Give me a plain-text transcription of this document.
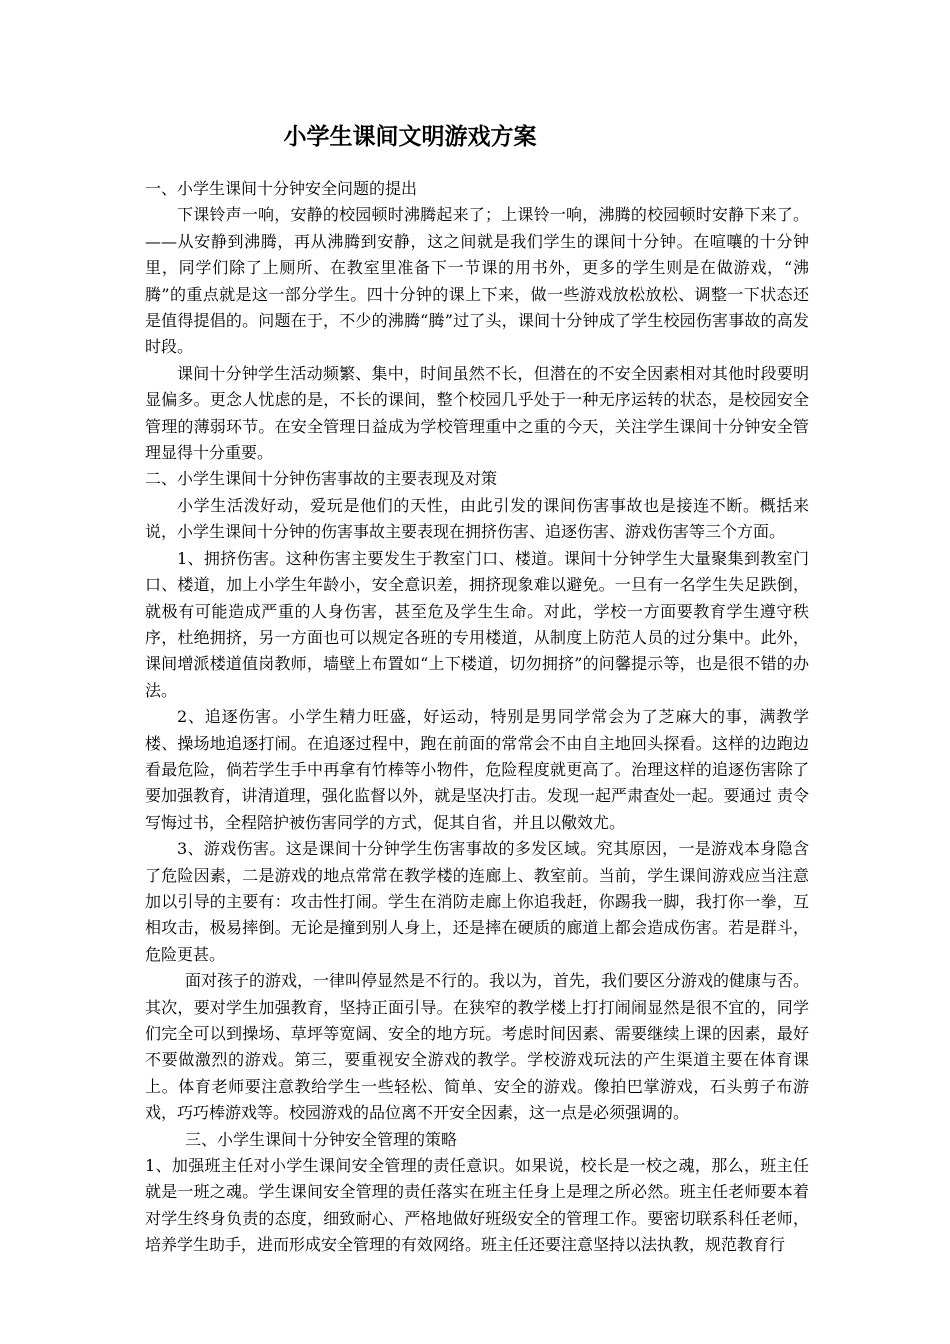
小学生课间文明游戏方案

一、小学生课间十分钟安全问题的提出

下课铃声一响，安静的校园顿时沸腾起来了；上课铃一响，沸腾的校园顿时安静下来了。——从安静到沸腾，再从沸腾到安静，这之间就是我们学生的课间十分钟。在喧嚷的十分钟里，同学们除了上厕所、在教室里准备下一节课的用书外，更多的学生则是在做游戏，“沸腾”的重点就是这一部分学生。四十分钟的课上下来，做一些游戏放松放松、调整一下状态还是值得提倡的。问题在于，不少的沸腾“腾”过了头，课间十分钟成了学生校园伤害事故的高发时段。

课间十分钟学生活动频繁、集中，时间虽然不长，但潜在的不安全因素相对其他时段要明显偏多。更念人忧虑的是，不长的课间，整个校园几乎处于一种无序运转的状态，是校园安全管理的薄弱环节。在安全管理日益成为学校管理重中之重的今天，关注学生课间十分钟安全管理显得十分重要。

二、小学生课间十分钟伤害事故的主要表现及对策

小学生活泼好动，爱玩是他们的天性，由此引发的课间伤害事故也是接连不断。概括来说，小学生课间十分钟的伤害事故主要表现在拥挤伤害、追逐伤害、游戏伤害等三个方面。

1、拥挤伤害。这种伤害主要发生于教室门口、楼道。课间十分钟学生大量聚集到教室门口、楼道，加上小学生年龄小，安全意识差，拥挤现象难以避免。一旦有一名学生失足跌倒，就极有可能造成严重的人身伤害，甚至危及学生生命。对此，学校一方面要教育学生遵守秩序，杜绝拥挤，另一方面也可以规定各班的专用楼道，从制度上防范人员的过分集中。此外，课间增派楼道值岗教师，墙壁上布置如“上下楼道，切勿拥挤”的问馨提示等，也是很不错的办法。

2、追逐伤害。小学生精力旺盛，好运动，特别是男同学常会为了芝麻大的事，满教学楼、操场地追逐打闹。在追逐过程中，跑在前面的常常会不由自主地回头探看。这样的边跑边看最危险，倘若学生手中再拿有竹棒等小物件，危险程度就更高了。治理这样的追逐伤害除了要加强教育，讲清道理，强化监督以外，就是坚决打击。发现一起严肃查处一起。要通过 责令写悔过书，全程陪护被伤害同学的方式，促其自省，并且以儆效尤。

3、游戏伤害。这是课间十分钟学生伤害事故的多发区域。究其原因，一是游戏本身隐含了危险因素，二是游戏的地点常常在教学楼的连廊上、教室前。当前，学生课间游戏应当注意加以引导的主要有：攻击性打闹。学生在消防走廊上你追我赶，你踢我一脚，我打你一拳，互相攻击，极易摔倒。无论是撞到别人身上，还是摔在硬质的廊道上都会造成伤害。若是群斗，危险更甚。

面对孩子的游戏，一律叫停显然是不行的。我以为，首先，我们要区分游戏的健康与否。其次，要对学生加强教育，坚持正面引导。在狭窄的教学楼上打打闹闹显然是很不宜的，同学们完全可以到操场、草坪等宽阔、安全的地方玩。考虑时间因素、需要继续上课的因素，最好不要做激烈的游戏。第三，要重视安全游戏的教学。学校游戏玩法的产生渠道主要在体育课上。体育老师要注意教给学生一些轻松、简单、安全的游戏。像拍巴掌游戏，石头剪子布游戏，巧巧棒游戏等。校园游戏的品位离不开安全因素，这一点是必须强调的。

三、小学生课间十分钟安全管理的策略

1、加强班主任对小学生课间安全管理的责任意识。如果说，校长是一校之魂，那么，班主任就是一班之魂。学生课间安全管理的责任落实在班主任身上是理之所必然。班主任老师要本着对学生终身负责的态度，细致耐心、严格地做好班级安全的管理工作。要密切联系科任老师，培养学生助手，进而形成安全管理的有效网络。班主任还要注意坚持以法执教，规范教育行
